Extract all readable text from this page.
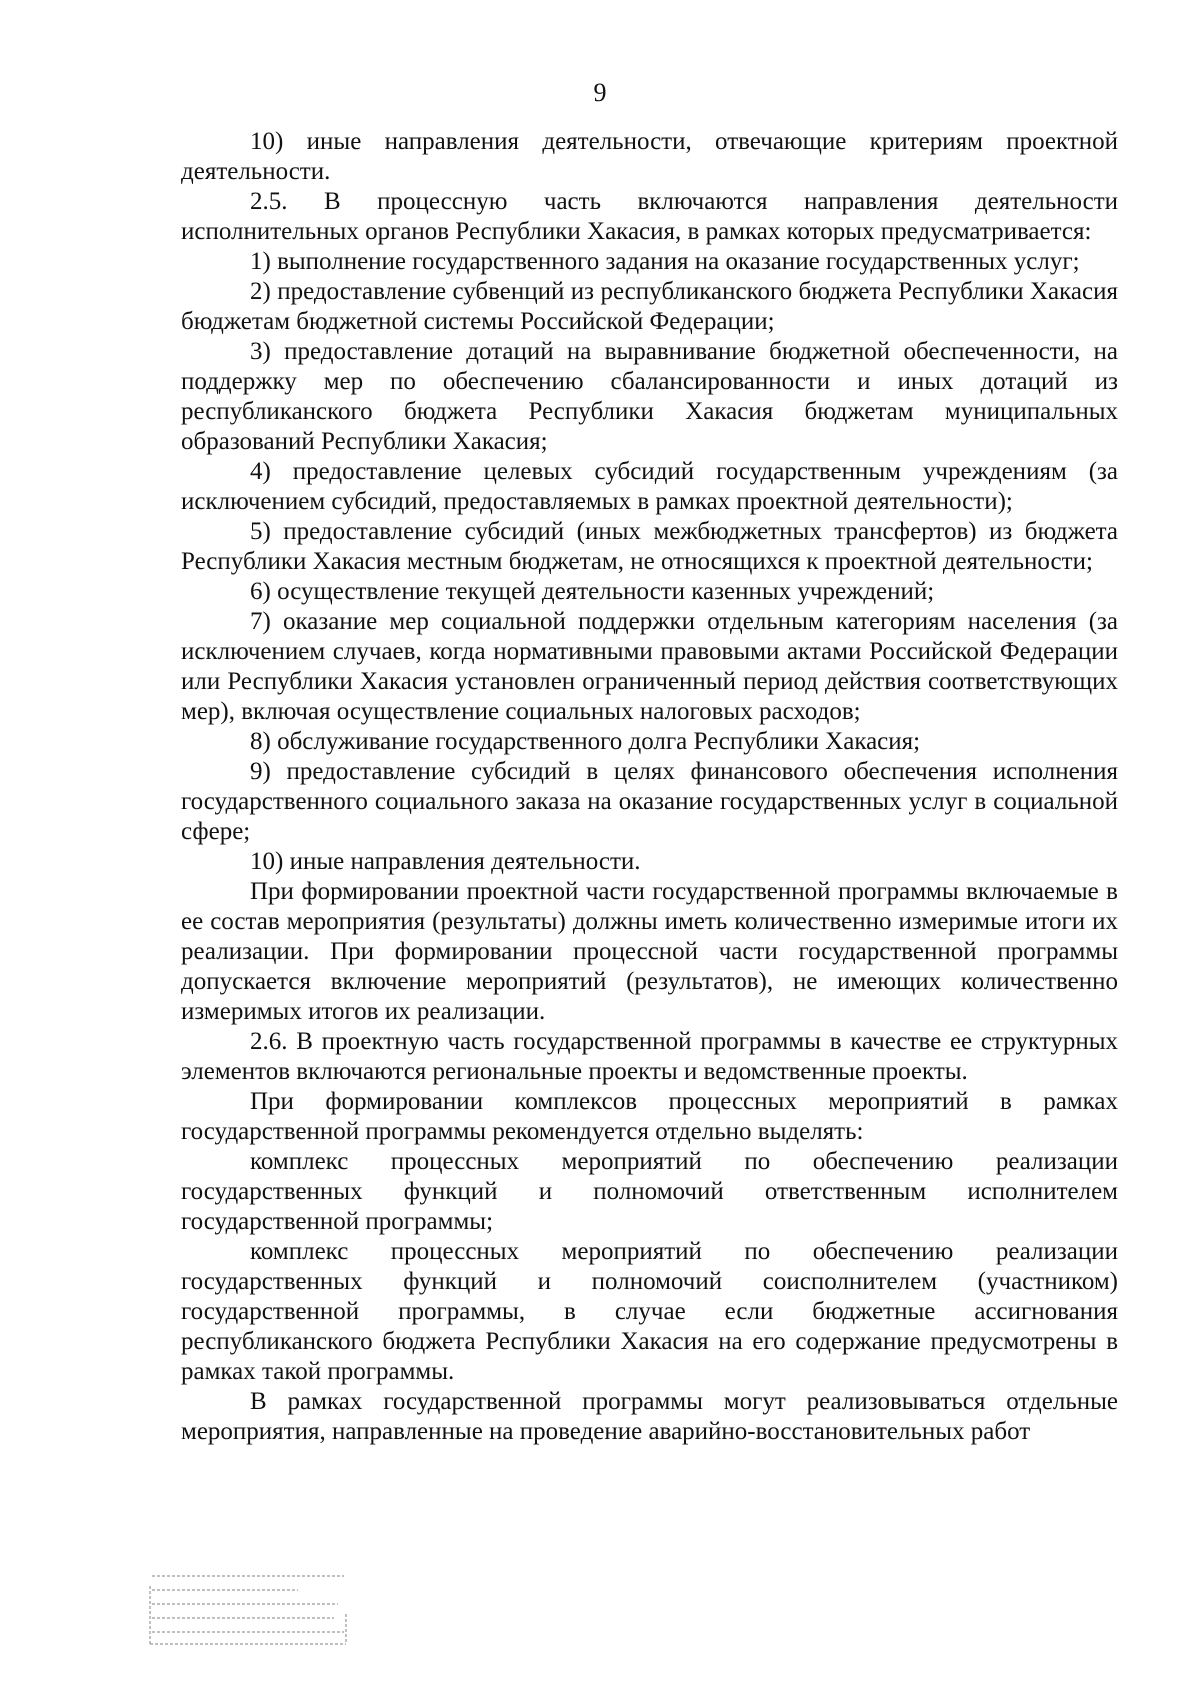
9

10) иные направления деятельности, отвечающие критериям проектной деятельности.

2.5. В процессную часть включаются направления деятельности исполнительных органов Республики Хакасия, в рамках которых предусматривается:

1) выполнение государственного задания на оказание государственных услуг;

2) предоставление субвенций из республиканского бюджета Республики Хакасия бюджетам бюджетной системы Российской Федерации;

3) предоставление дотаций на выравнивание бюджетной обеспеченности, на поддержку мер по обеспечению сбалансированности и иных дотаций из республиканского бюджета Республики Хакасия бюджетам муниципальных образований Республики Хакасия;

4) предоставление целевых субсидий государственным учреждениям (за исключением субсидий, предоставляемых в рамках проектной деятельности);

5) предоставление субсидий (иных межбюджетных трансфертов) из бюджета Республики Хакасия местным бюджетам, не относящихся к проектной деятельности;

6) осуществление текущей деятельности казенных учреждений;

7) оказание мер социальной поддержки отдельным категориям населения (за исключением случаев, когда нормативными правовыми актами Российской Федерации или Республики Хакасия установлен ограниченный период действия соответствующих мер), включая осуществление социальных налоговых расходов;

8) обслуживание государственного долга Республики Хакасия;

9) предоставление субсидий в целях финансового обеспечения исполнения государственного социального заказа на оказание государственных услуг в социальной сфере;

10) иные направления деятельности.

При формировании проектной части государственной программы включаемые в ее состав мероприятия (результаты) должны иметь количественно измеримые итоги их реализации. При формировании процессной части государственной программы допускается включение мероприятий (результатов), не имеющих количественно измеримых итогов их реализации.

2.6. В проектную часть государственной программы в качестве ее структурных элементов включаются региональные проекты и ведомственные проекты.

При формировании комплексов процессных мероприятий в рамках государственной программы рекомендуется отдельно выделять:

комплекс процессных мероприятий по обеспечению реализации государственных функций и полномочий ответственным исполнителем государственной программы;

комплекс процессных мероприятий по обеспечению реализации государственных функций и полномочий соисполнителем (участником) государственной программы, в случае если бюджетные ассигнования республиканского бюджета Республики Хакасия на его содержание предусмотрены в рамках такой программы.

В рамках государственной программы могут реализовываться отдельные мероприятия, направленные на проведение аварийно-восстановительных работ
